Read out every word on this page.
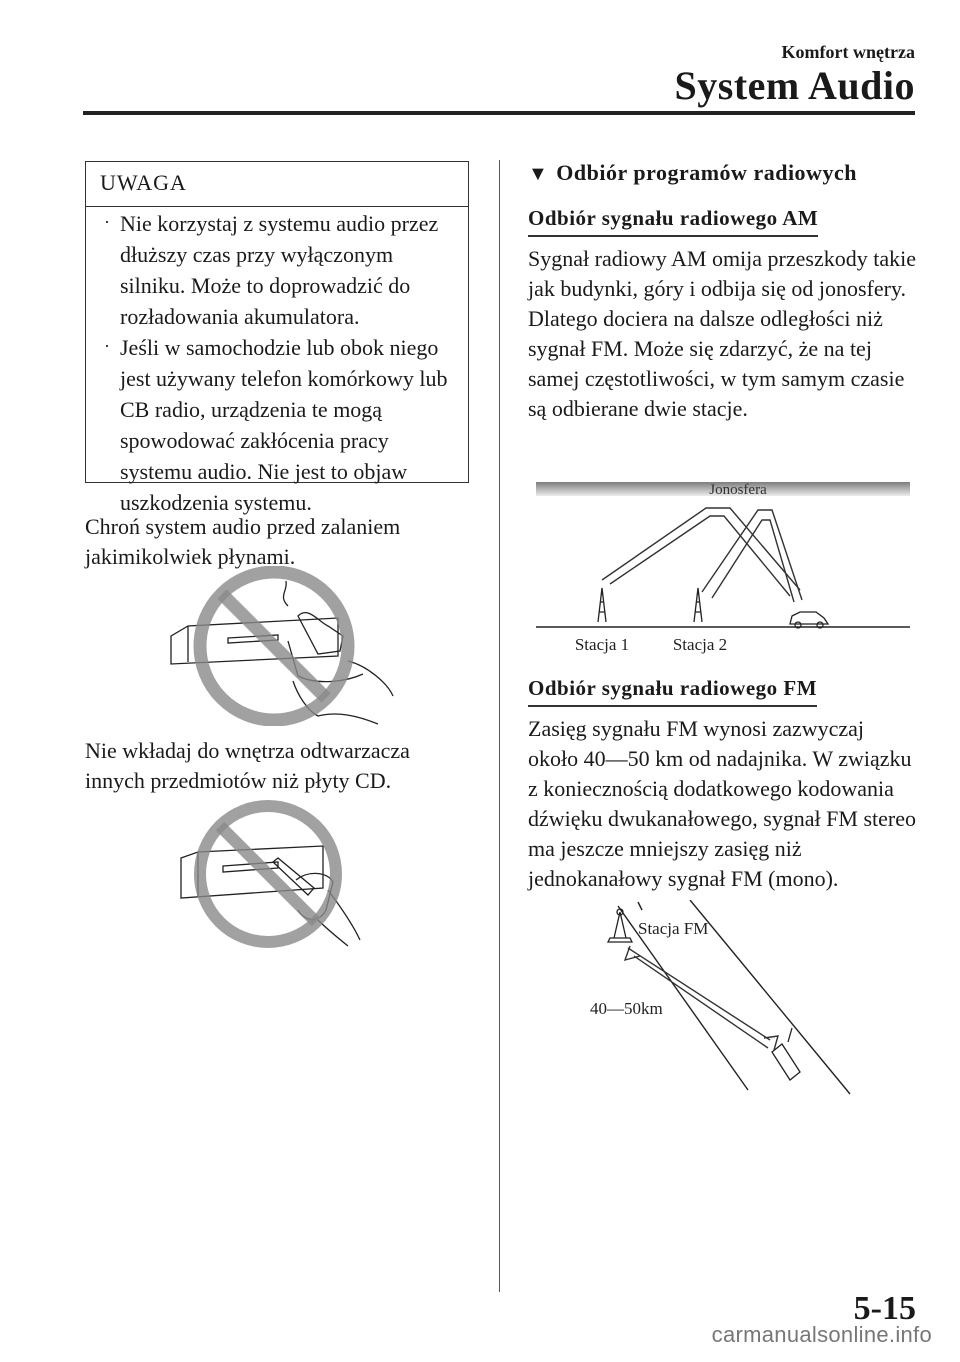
Komfort wnętrza
System Audio
UWAGA
· Nie korzystaj z systemu audio przez dłuższy czas przy wyłączonym silniku. Może to doprowadzić do rozładowania akumulatora.
· Jeśli w samochodzie lub obok niego jest używany telefon komórkowy lub CB radio, urządzenia te mogą spowodować zakłócenia pracy systemu audio. Nie jest to objaw uszkodzenia systemu.

Chroń system audio przed zalaniem jakimikolwiek płynami.

Nie wkładaj do wnętrza odtwarzacza innych przedmiotów niż płyty CD.

▼ Odbiór programów radiowych
Odbiór sygnału radiowego AM

Sygnał radiowy AM omija przeszkody takie jak budynki, góry i odbija się od jonosfery. Dlatego dociera na dalsze odległości niż sygnał FM. Może się zdarzyć, że na tej samej częstotliwości, w tym samym czasie są odbierane dwie stacje.

Jonosfera
Stacja 1	Stacja 2
Odbiór sygnału radiowego FM

Zasięg sygnału FM wynosi zazwyczaj około 40―50 km od nadajnika. W związku z koniecznością dodatkowego kodowania dźwięku dwukanałowego, sygnał FM stereo ma jeszcze mniejszy zasięg niż jednokanałowy sygnał FM (mono).

Stacja FM
40―50km
5-15
carmanualsonline.info
